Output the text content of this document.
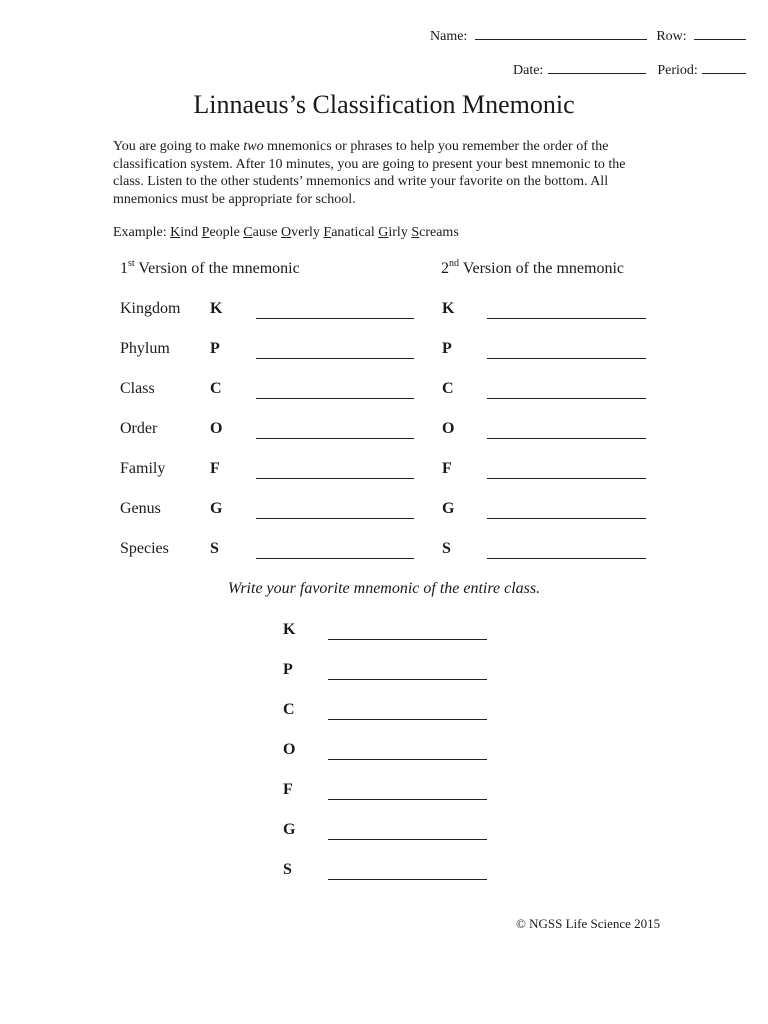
Name:	Row:
Date:	Period:
Linnaeus’s Classification Mnemonic
You are going to make two mnemonics or phrases to help you remember the order of the classification system. After 10 minutes, you are going to present your best mnemonic to the class. Listen to the other students’ mnemonics and write your favorite on the bottom. All mnemonics must be appropriate for school.
Example: Kind People Cause Overly Fanatical Girly Screams
1st Version of the mnemonic	2nd Version of the mnemonic
Kingdom K	K
Phylum	P	P
Class	C	C
Order	O	O
Family	F	F
Genus	G	G
Species	S	S
Write your favorite mnemonic of the entire class.
K
P
C
O
F
G
S
© NGSS Life Science 2015
